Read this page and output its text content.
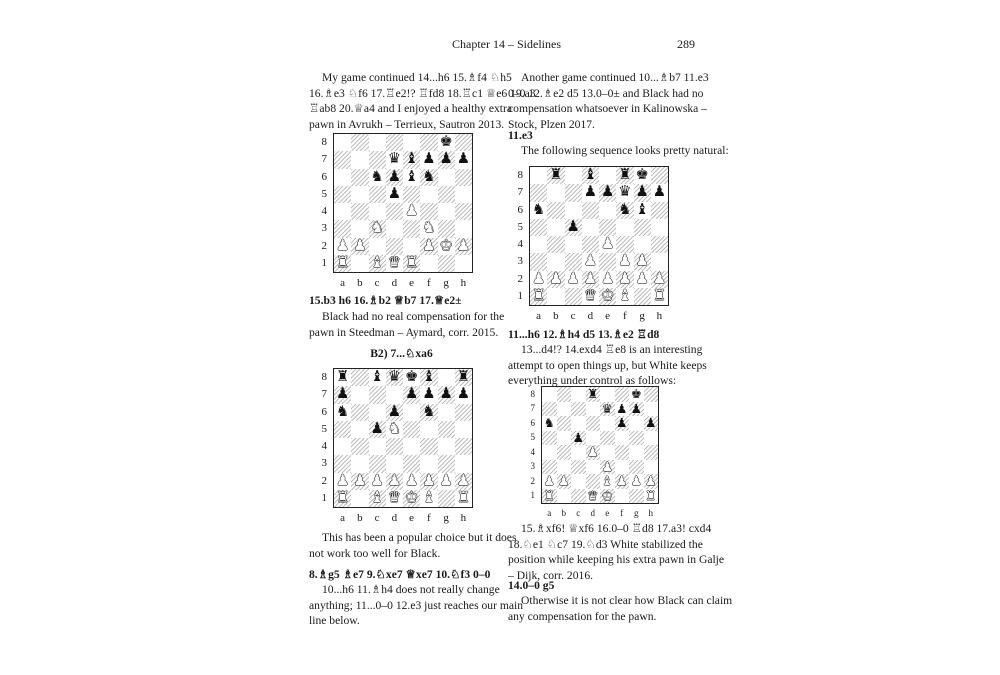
Chapter 14 – Sidelines	289
My game continued 14...h6 15.♗f4 ♘h5
16.♗e3 ♘f6 17.♖e2!? ♖fd8 18.♖c1 ♕e6 19.a3
♖ab8 20.♕a4 and I enjoyed a healthy extra
pawn in Avrukh – Terrieux, Sautron 2013.
♚
♛ ♝ ♟ ♟ ♟
♞ ♟ ♝ ♞
♟
♟
♞	♞
♟ ♟	♟ ♚ ♟
♜ ♝ ♛ ♜
15.b3 h6 16.♗b2 ♕b7 17.♕e2±
Black had no real compensation for the
pawn in Steedman – Aymard, corr. 2015.
B2) 7...♘xa6
♜ ♝ ♛ ♚ ♝ ♜
♟	♟ ♟ ♟ ♟
♞	♟ ♞
♟ ♞
♟ ♟ ♟ ♟ ♟ ♟ ♟ ♟
♜ ♝ ♛ ♚ ♝ ♜
This has been a popular choice but it does
not work too well for Black.
8.♗g5 ♗e7 9.♘xe7 ♕xe7 10.♘f3 0–0
10...h6 11.♗h4 does not really change
anything; 11...0–0 12.e3 just reaches our main
line below.
Another game continued 10...♗b7 11.e3
0–0 12.♗e2 d5 13.0–0± and Black had no
compensation whatsoever in Kalinowska –
Stock, Plzen 2017.
11.e3
The following sequence looks pretty natural:
♜ ♝ ♜ ♚
♟ ♟ ♛ ♟ ♟
♞	♞ ♝
♟
♟
♟ ♟ ♟
♟ ♟ ♟ ♟ ♟ ♟ ♟ ♟
♜	♛ ♚ ♝ ♜
11...h6 12.♗h4 d5 13.♗e2 ♖d8
13...d4!? 14.exd4 ♖e8 is an interesting
attempt to open things up, but White keeps
everything under control as follows:
♜	♚
♛ ♟ ♟
♞	♟ ♟
♟
♟
♟
♟ ♟	♝ ♟ ♟ ♟
♜	♛ ♚	♜
15.♗xf6! ♕xf6 16.0–0 ♖d8 17.a3! cxd4
18.♘e1 ♘c7 19.♘d3 White stabilized the
position while keeping his extra pawn in Galje
– Dijk, corr. 2016.
14.0–0 g5
Otherwise it is not clear how Black can claim
any compensation for the pawn.
8
7
6
5
4
3
2
1
a	b	c	d	e	f	g	h
8
7
6
5
4
3
2
1
a	b	c	d	e	f	g	h
8
7
6
5
4
3
2
1
a	b	c	d	e	f	g	h
8
7
6
5
4
3
2
1
a	b	c	d	e	f	g	h
